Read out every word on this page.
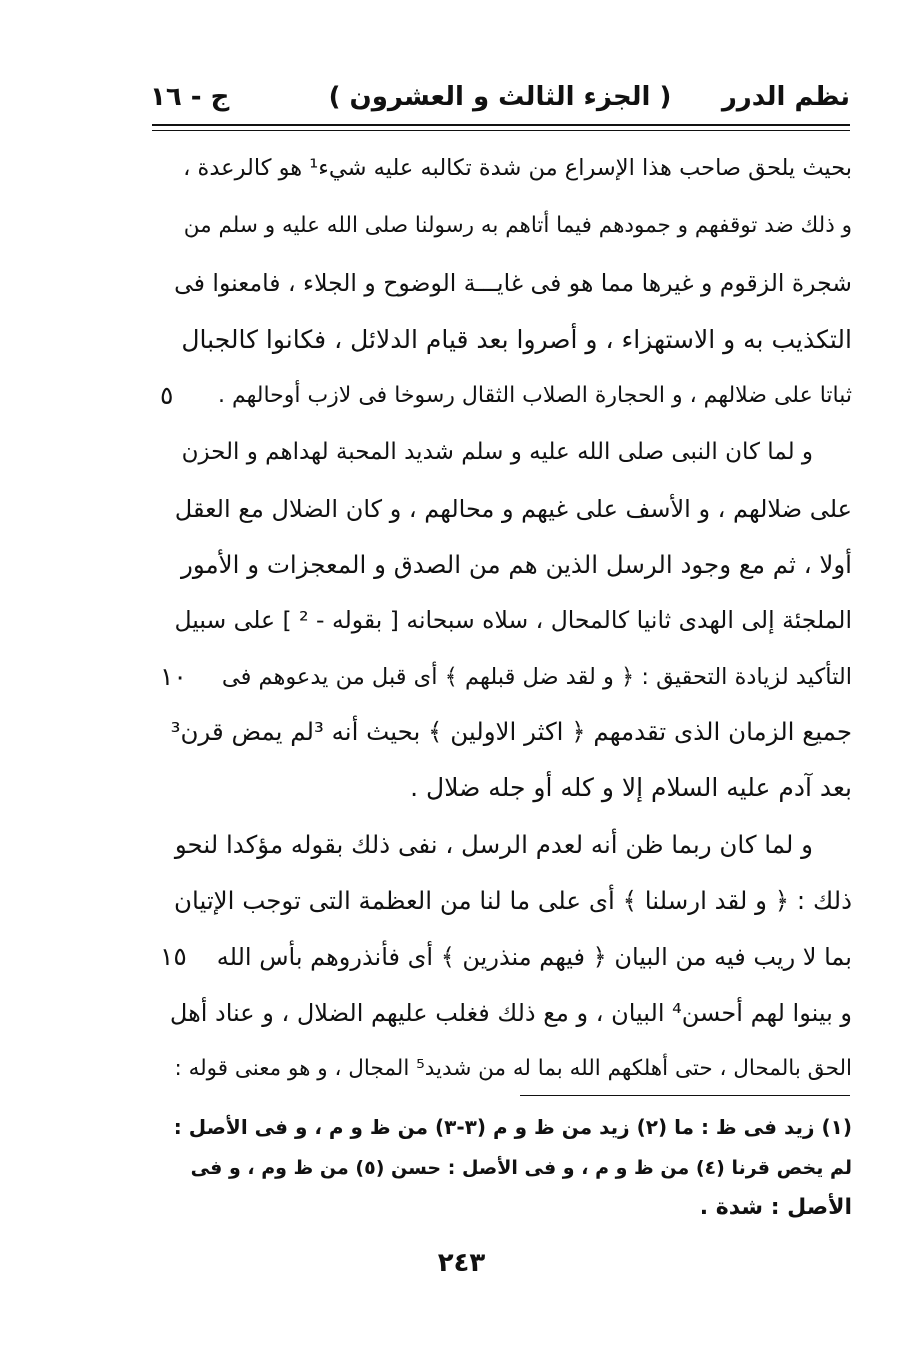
نظم الدرر
( الجزء الثالث و العشرون )
ج - ١٦
بحيث يلحق صاحب هذا الإسراع من شدة تكالبه عليه شيء¹ هو كالرعدة ،
و ذلك ضد توقفهم و جمودهم فيما أتاهم به رسولنا صلى الله عليه و سلم من
شجرة الزقوم و غيرها مما هو فى غايـــة الوضوح و الجلاء ، فامعنوا فى
التكذيب به و الاستهزاء ، و أصروا بعد قيام الدلائل ، فكانوا كالجبال
ثباتا على ضلالهم ، و الحجارة الصلاب الثقال رسوخا فى لازب أوحالهم .
و لما كان النبى صلى الله عليه و سلم شديد المحبة لهداهم و الحزن
على ضلالهم ، و الأسف على غيهم و محالهم ، و كان الضلال مع العقل
أولا ، ثم مع وجود الرسل الذين هم من الصدق و المعجزات و الأمور
الملجئة إلى الهدى ثانيا كالمحال ، سلاه سبحانه [ بقوله - ² ] على سبيل
التأكيد لزيادة التحقيق : ﴿ و لقد ضل قبلهم ﴾ أى قبل من يدعوهم فى
جميع الزمان الذى تقدمهم ﴿ اكثر الاولين ﴾ بحيث أنه ³لم يمض قرن³
بعد آدم عليه السلام إلا و كله أو جله ضلال .
و لما كان ربما ظن أنه لعدم الرسل ، نفى ذلك بقوله مؤكدا لنحو
ذلك : ﴿ و لقد ارسلنا ﴾ أى على ما لنا من العظمة التى توجب الإتيان
بما لا ريب فيه من البيان ﴿ فيهم منذرين ﴾ أى فأنذروهم بأس الله
و بينوا لهم أحسن⁴ البيان ، و مع ذلك فغلب عليهم الضلال ، و عناد أهل
الحق بالمحال ، حتى أهلكهم الله بما له من شديد⁵ المجال ، و هو معنى قوله :
٥
١٠
١٥
(١) زيد فى ظ : ما (٢) زيد من ظ و م (٣-٣) من ظ و م ، و فى الأصل :
لم يخص قرنا (٤) من ظ و م ، و فى الأصل : حسن (٥) من ظ وم ، و فى
الأصل : شدة .
٢٤٣
